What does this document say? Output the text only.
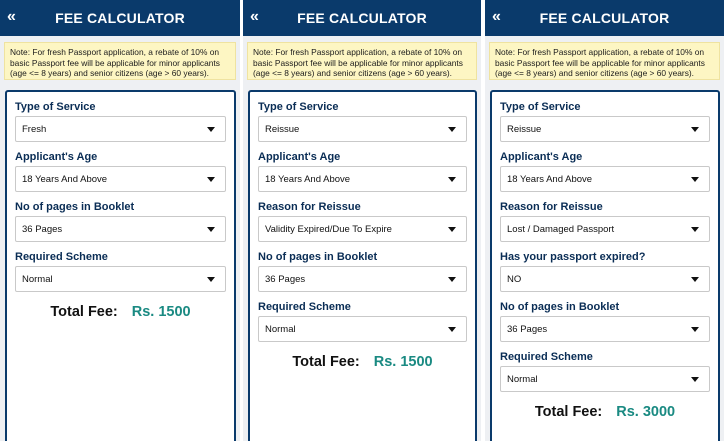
«	FEE CALCULATOR
Note: For fresh Passport application, a rebate of 10% on basic Passport fee will be applicable for minor applicants (age <= 8 years) and senior citizens (age > 60 years).
Type of Service
Fresh
Applicant's Age
18 Years And Above
No of pages in Booklet
36 Pages
Required Scheme
Normal
Total Fee: Rs. 1500
«	FEE CALCULATOR
Note: For fresh Passport application, a rebate of 10% on basic Passport fee will be applicable for minor applicants (age <= 8 years) and senior citizens (age > 60 years).
Type of Service
Reissue
Applicant's Age
18 Years And Above
Reason for Reissue
Validity Expired/Due To Expire
No of pages in Booklet
36 Pages
Required Scheme
Normal
Total Fee: Rs. 1500
«	FEE CALCULATOR
Note: For fresh Passport application, a rebate of 10% on basic Passport fee will be applicable for minor applicants (age <= 8 years) and senior citizens (age > 60 years).
Type of Service
Reissue
Applicant's Age
18 Years And Above
Reason for Reissue
Lost / Damaged Passport
Has your passport expired?
NO
No of pages in Booklet
36 Pages
Required Scheme
Normal
Total Fee: Rs. 3000
